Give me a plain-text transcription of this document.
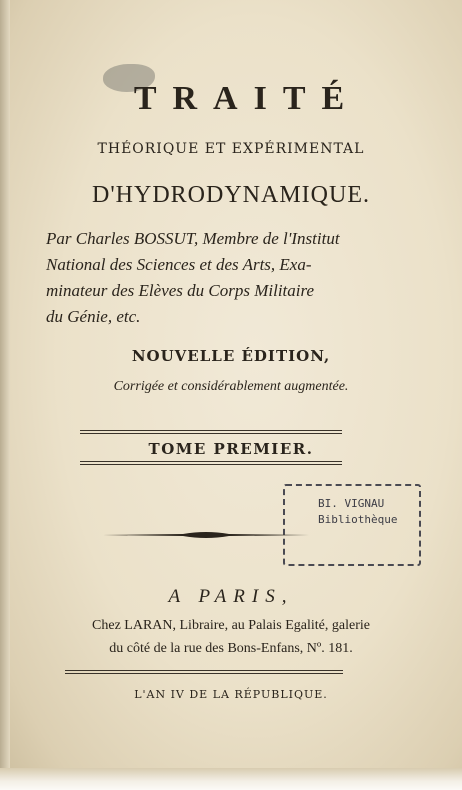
TRAITÉ
THÉORIQUE ET EXPÉRIMENTAL
D'HYDRODYNAMIQUE.
Par Charles BOSSUT, Membre de l'Institut
National des Sciences et des Arts, Exa-
minateur des Elèves du Corps Militaire
du Génie, etc.
NOUVELLE ÉDITION,
Corrigée et considérablement augmentée.
TOME PREMIER.
BI. VIGNAU
Bibliothèque
A PARIS,
Chez LARAN, Libraire, au Palais Egalité, galerie
du côté de la rue des Bons-Enfans, Nº. 181.
L'AN IV DE LA RÉPUBLIQUE.
